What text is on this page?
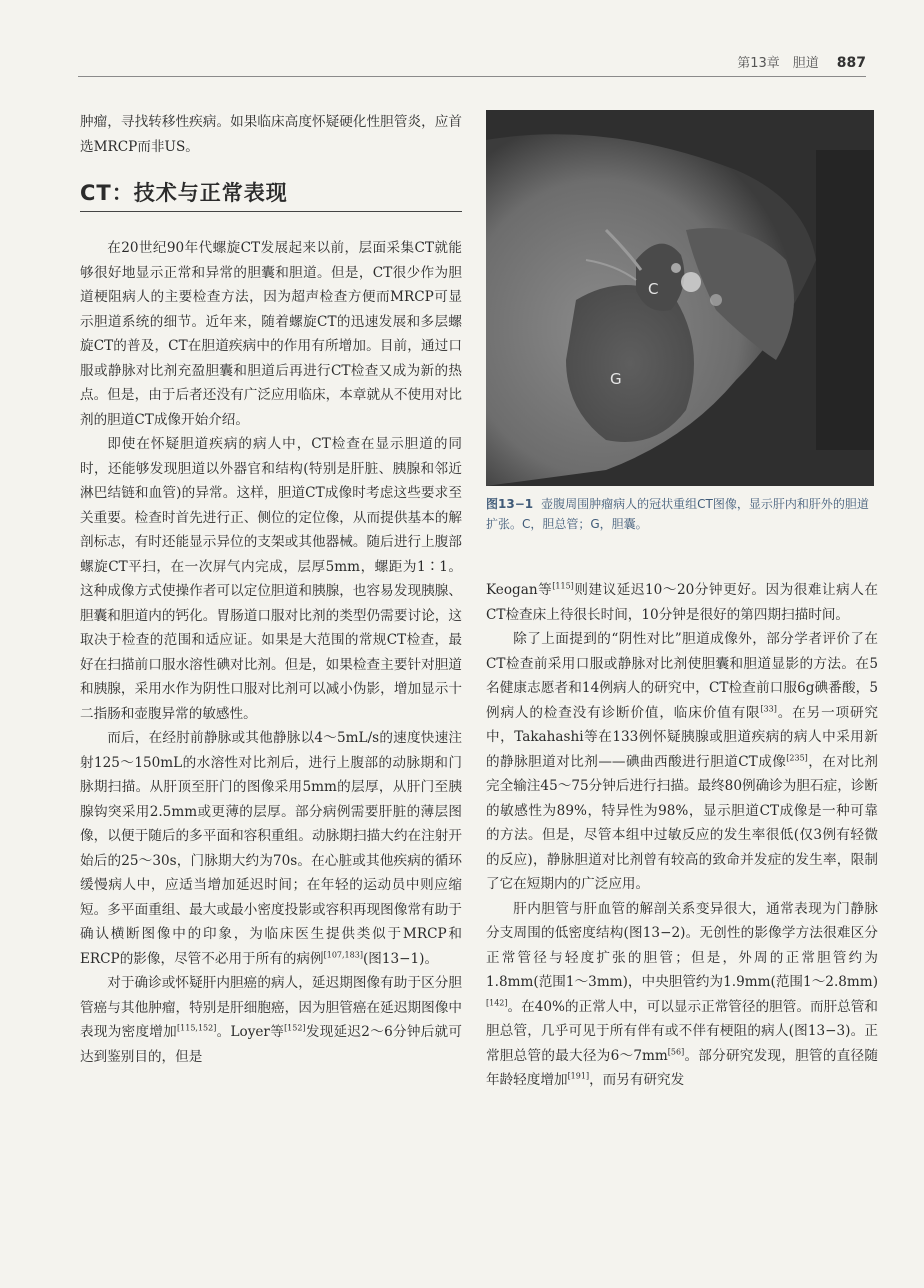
第13章　胆道 887

肿瘤，寻找转移性疾病。如果临床高度怀疑硬化性胆管炎，应首选MRCP而非US。

CT：技术与正常表现

在20世纪90年代螺旋CT发展起来以前，层面采集CT就能够很好地显示正常和异常的胆囊和胆道。但是，CT很少作为胆道梗阻病人的主要检查方法，因为超声检查方便而MRCP可显示胆道系统的细节。近年来，随着螺旋CT的迅速发展和多层螺旋CT的普及，CT在胆道疾病中的作用有所增加。目前，通过口服或静脉对比剂充盈胆囊和胆道后再进行CT检查又成为新的热点。但是，由于后者还没有广泛应用临床，本章就从不使用对比剂的胆道CT成像开始介绍。

即使在怀疑胆道疾病的病人中，CT检查在显示胆道的同时，还能够发现胆道以外器官和结构(特别是肝脏、胰腺和邻近淋巴结链和血管)的异常。这样，胆道CT成像时考虑这些要求至关重要。检查时首先进行正、侧位的定位像，从而提供基本的解剖标志，有时还能显示异位的支架或其他器械。随后进行上腹部螺旋CT平扫，在一次屏气内完成，层厚5mm，螺距为1∶1。这种成像方式使操作者可以定位胆道和胰腺，也容易发现胰腺、胆囊和胆道内的钙化。胃肠道口服对比剂的类型仍需要讨论，这取决于检查的范围和适应证。如果是大范围的常规CT检查，最好在扫描前口服水溶性碘对比剂。但是，如果检查主要针对胆道和胰腺，采用水作为阴性口服对比剂可以减小伪影，增加显示十二指肠和壶腹异常的敏感性。

而后，在经肘前静脉或其他静脉以4～5mL/s的速度快速注射125～150mL的水溶性对比剂后，进行上腹部的动脉期和门脉期扫描。从肝顶至肝门的图像采用5mm的层厚，从肝门至胰腺钩突采用2.5mm或更薄的层厚。部分病例需要肝脏的薄层图像，以便于随后的多平面和容积重组。动脉期扫描大约在注射开始后的25～30s，门脉期大约为70s。在心脏或其他疾病的循环缓慢病人中，应适当增加延迟时间；在年轻的运动员中则应缩短。多平面重组、最大或最小密度投影或容积再现图像常有助于确认横断图像中的印象，为临床医生提供类似于MRCP和ERCP的影像，尽管不必用于所有的病例[107,183](图13−1)。

对于确诊或怀疑肝内胆癌的病人，延迟期图像有助于区分胆管癌与其他肿瘤，特别是肝细胞癌，因为胆管癌在延迟期图像中表现为密度增加[115,152]。Loyer等[152]发现延迟2～6分钟后就可达到鉴别目的，但是

C
G
图13−1 壶腹周围肿瘤病人的冠状重组CT图像，显示肝内和肝外的胆道扩张。C，胆总管；G，胆囊。

Keogan等[115]则建议延迟10～20分钟更好。因为很难让病人在CT检查床上待很长时间，10分钟是很好的第四期扫描时间。

除了上面提到的“阴性对比”胆道成像外，部分学者评价了在CT检查前采用口服或静脉对比剂使胆囊和胆道显影的方法。在5名健康志愿者和14例病人的研究中，CT检查前口服6g碘番酸，5例病人的检查没有诊断价值，临床价值有限[33]。在另一项研究中，Takahashi等在133例怀疑胰腺或胆道疾病的病人中采用新的静脉胆道对比剂——碘曲西酸进行胆道CT成像[235]，在对比剂完全输注45～75分钟后进行扫描。最终80例确诊为胆石症，诊断的敏感性为89%，特异性为98%，显示胆道CT成像是一种可靠的方法。但是，尽管本组中过敏反应的发生率很低(仅3例有轻微的反应)，静脉胆道对比剂曾有较高的致命并发症的发生率，限制了它在短期内的广泛应用。

肝内胆管与肝血管的解剖关系变异很大，通常表现为门静脉分支周围的低密度结构(图13−2)。无创性的影像学方法很难区分正常管径与轻度扩张的胆管；但是，外周的正常胆管约为1.8mm(范围1～3mm)，中央胆管约为1.9mm(范围1～2.8mm)[142]。在40%的正常人中，可以显示正常管径的胆管。而肝总管和胆总管，几乎可见于所有伴有或不伴有梗阻的病人(图13−3)。正常胆总管的最大径为6～7mm[56]。部分研究发现，胆管的直径随年龄轻度增加[191]，而另有研究发
